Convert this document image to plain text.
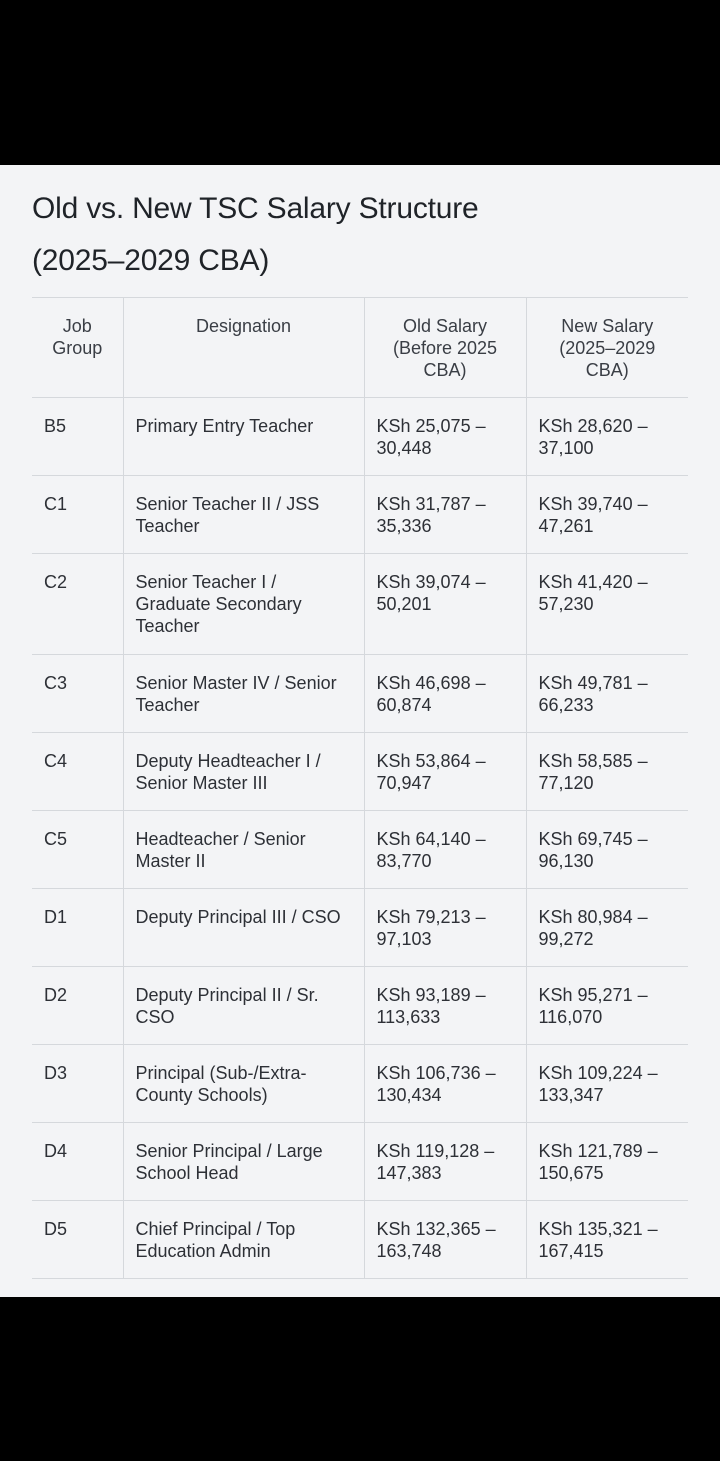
Old vs. New TSC Salary Structure
(2025–2029 CBA)
Job Group	Designation	Old Salary (Before 2025 CBA)	New Salary (2025–2029 CBA)
B5	Primary Entry Teacher	KSh 25,075 – 30,448	KSh 28,620 – 37,100
C1	Senior Teacher II / JSS Teacher	KSh 31,787 – 35,336	KSh 39,740 – 47,261
C2	Senior Teacher I / Graduate Secondary Teacher	KSh 39,074 – 50,201	KSh 41,420 – 57,230
C3	Senior Master IV / Senior Teacher	KSh 46,698 – 60,874	KSh 49,781 – 66,233
C4	Deputy Headteacher I / Senior Master III	KSh 53,864 – 70,947	KSh 58,585 – 77,120
C5	Headteacher / Senior Master II	KSh 64,140 – 83,770	KSh 69,745 – 96,130
D1	Deputy Principal III / CSO	KSh 79,213 – 97,103	KSh 80,984 – 99,272
D2	Deputy Principal II / Sr. CSO	KSh 93,189 – 113,633	KSh 95,271 – 116,070
D3	Principal (Sub-/Extra-County Schools)	KSh 106,736 – 130,434	KSh 109,224 – 133,347
D4	Senior Principal / Large School Head	KSh 119,128 – 147,383	KSh 121,789 – 150,675
D5	Chief Principal / Top Education Admin	KSh 132,365 – 163,748	KSh 135,321 – 167,415
